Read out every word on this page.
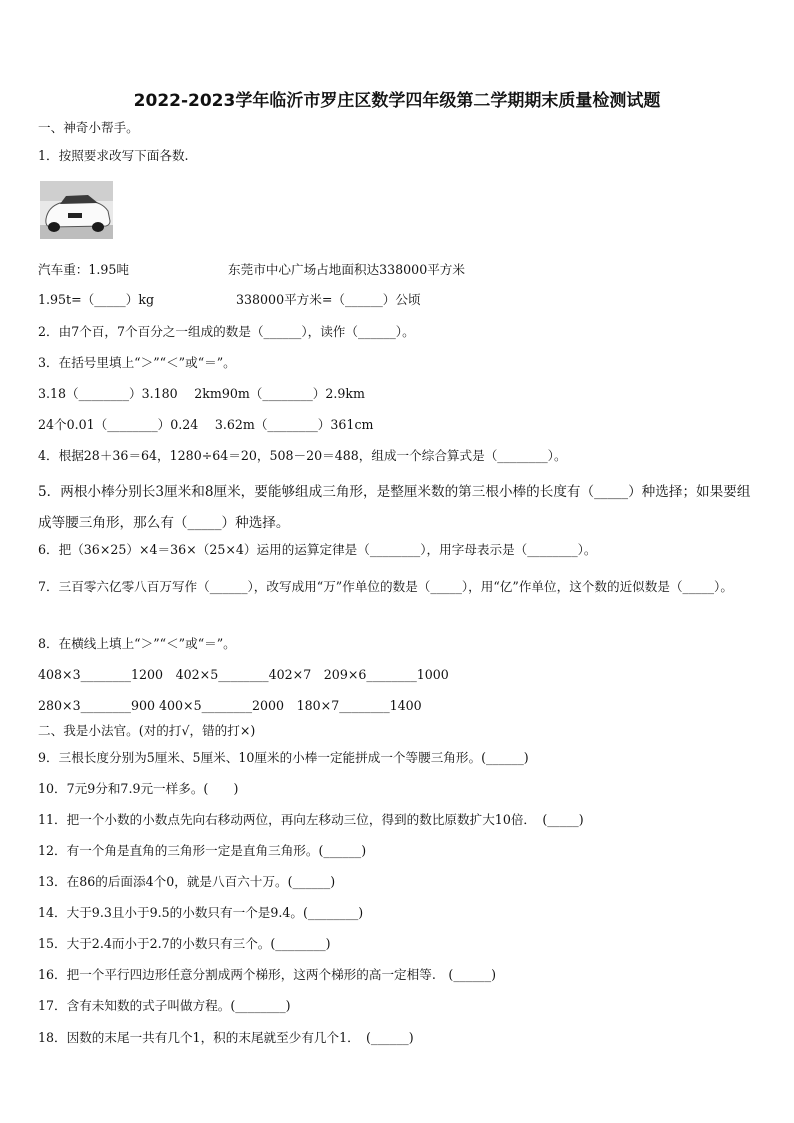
2022-2023学年临沂市罗庄区数学四年级第二学期期末质量检测试题
一、神奇小帮手。
1．按照要求改写下面各数.
汽车重：1.95吨	东莞市中心广场占地面积达338000平方米
1.95t=（_____）kg	338000平方米=（______）公顷
2．由7个百，7个百分之一组成的数是（______），读作（______）。
3．在括号里填上“＞”“＜”或“＝”。
3.18（________）3.180　 2km90m（________）2.9km
24个0.01（________）0.24　 3.62m（________）361cm
4．根据28＋36＝64，1280÷64＝20，508－20＝488，组成一个综合算式是（________）。
5．两根小棒分别长3厘米和8厘米，要能够组成三角形，是整厘米数的第三根小棒的长度有（_____）种选择；如果要组成等腰三角形，那么有（_____）种选择。
6．把（36×25）×4＝36×（25×4）运用的运算定律是（________），用字母表示是（________）。
7．三百零六亿零八百万写作（______），改写成用“万”作单位的数是（_____），用“亿”作单位，这个数的近似数是（_____）。
8．在横线上填上“＞”“＜”或“＝”。
408×3________1200　402×5________402×7　209×6________1000
280×3________900 400×5________2000　180×7________1400
二、我是小法官。(对的打√，错的打×)
9．三根长度分别为5厘米、5厘米、10厘米的小棒一定能拼成一个等腰三角形。(______)
10．7元9分和7.9元一样多。(　　)
11．把一个小数的小数点先向右移动两位，再向左移动三位，得到的数比原数扩大10倍．　(_____)
12．有一个角是直角的三角形一定是直角三角形。(______)
13．在86的后面添4个0，就是八百六十万。(______)
14．大于9.3且小于9.5的小数只有一个是9.4。(________)
15．大于2.4而小于2.7的小数只有三个。(________)
16．把一个平行四边形任意分割成两个梯形，这两个梯形的高一定相等.　(______)
17．含有未知数的式子叫做方程。(________)
18．因数的末尾一共有几个1，积的末尾就至少有几个1．　(______)
